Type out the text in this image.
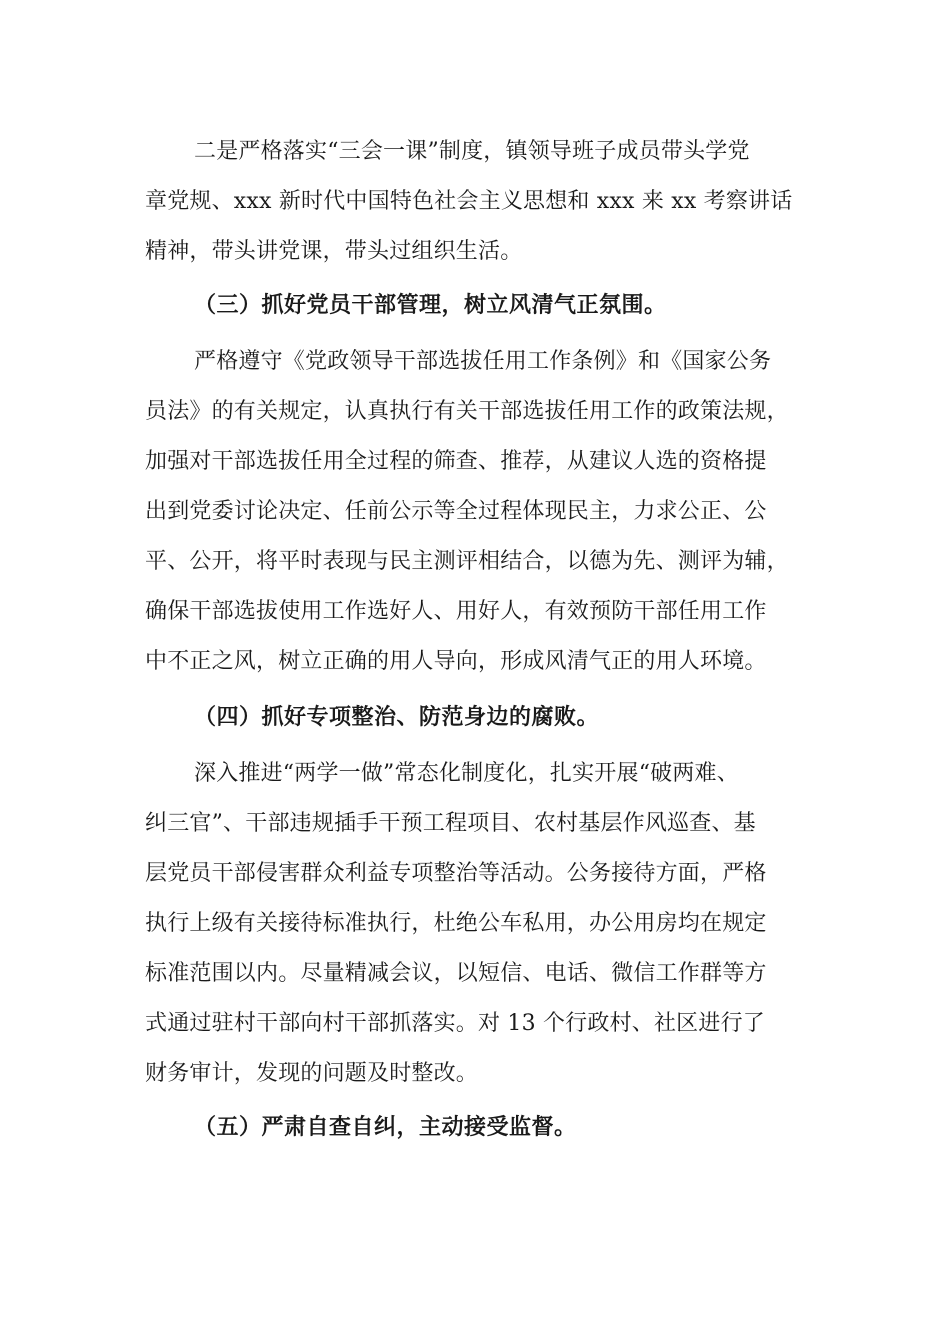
二是严格落实“三会一课”制度，镇领导班子成员带头学党
章党规、xxx 新时代中国特色社会主义思想和 xxx 来 xx 考察讲话
精神，带头讲党课，带头过组织生活。
（三）抓好党员干部管理，树立风清气正氛围。
严格遵守《党政领导干部选拔任用工作条例》和《国家公务
员法》的有关规定，认真执行有关干部选拔任用工作的政策法规，
加强对干部选拔任用全过程的筛查、推荐，从建议人选的资格提
出到党委讨论决定、任前公示等全过程体现民主，力求公正、公
平、公开，将平时表现与民主测评相结合，以德为先、测评为辅，
确保干部选拔使用工作选好人、用好人，有效预防干部任用工作
中不正之风，树立正确的用人导向，形成风清气正的用人环境。
（四）抓好专项整治、防范身边的腐败。
深入推进“两学一做”常态化制度化，扎实开展“破两难、
纠三官”、干部违规插手干预工程项目、农村基层作风巡查、基
层党员干部侵害群众利益专项整治等活动。公务接待方面，严格
执行上级有关接待标准执行，杜绝公车私用，办公用房均在规定
标准范围以内。尽量精减会议，以短信、电话、微信工作群等方
式通过驻村干部向村干部抓落实。对 13 个行政村、社区进行了
财务审计，发现的问题及时整改。
（五）严肃自查自纠，主动接受监督。
